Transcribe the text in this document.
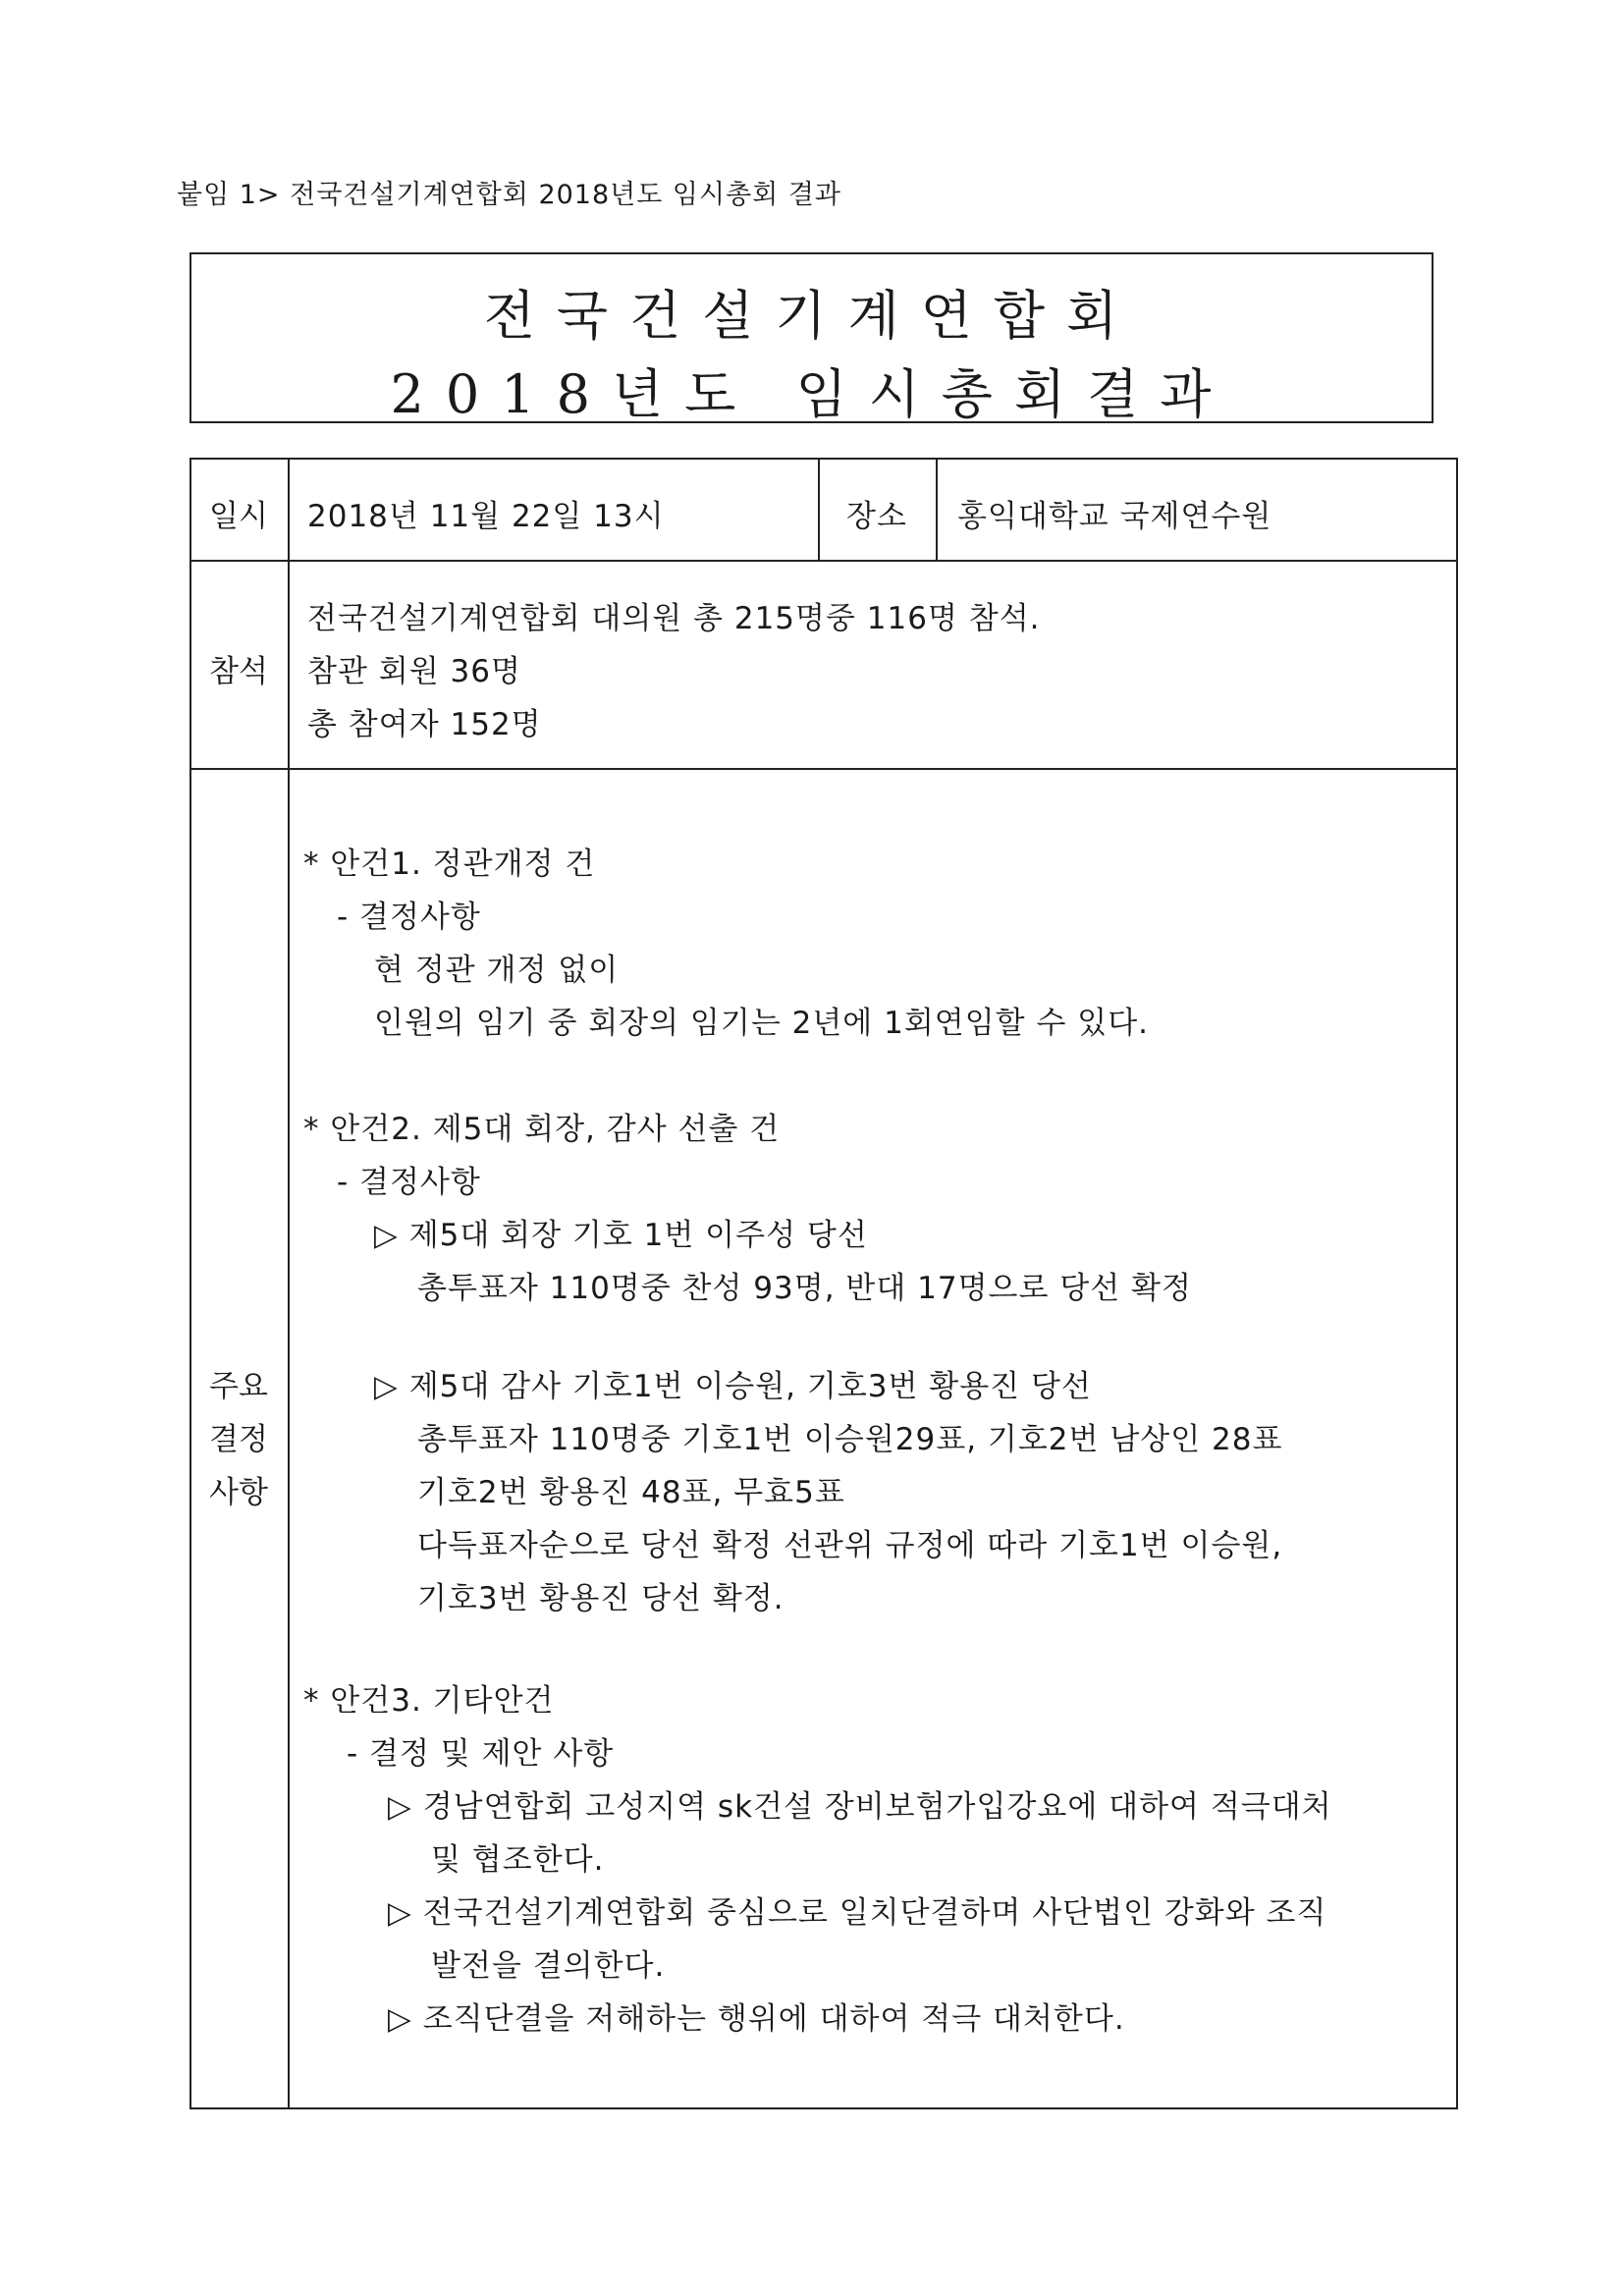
붙임 1> 전국건설기계연합회 2018년도 임시총회 결과
전국건설기계연합회
2018년도 임시총회결과
일시	2018년 11월 22일 13시	장소 홍익대학교 국제연수원
참석
전국건설기계연합회 대의원 총 215명중 116명 참석.
참관 회원 36명
총 참여자 152명
주요
결정
사항
* 안건1. 정관개정 건
- 결정사항
현 정관 개정 없이
인원의 임기 중 회장의 임기는 2년에 1회연임할 수 있다.
* 안건2. 제5대 회장, 감사 선출 건
- 결정사항
▷ 제5대 회장 기호 1번 이주성 당선
총투표자 110명중 찬성 93명, 반대 17명으로 당선 확정
▷ 제5대 감사 기호1번 이승원, 기호3번 황용진 당선
총투표자 110명중 기호1번 이승원29표, 기호2번 남상인 28표
기호2번 황용진 48표, 무효5표
다득표자순으로 당선 확정 선관위 규정에 따라 기호1번 이승원,
기호3번 황용진 당선 확정.
* 안건3. 기타안건
- 결정 및 제안 사항
▷ 경남연합회 고성지역 sk건설 장비보험가입강요에 대하여 적극대처
및 협조한다.
▷ 전국건설기계연합회 중심으로 일치단결하며 사단법인 강화와 조직
발전을 결의한다.
▷ 조직단결을 저해하는 행위에 대하여 적극 대처한다.
